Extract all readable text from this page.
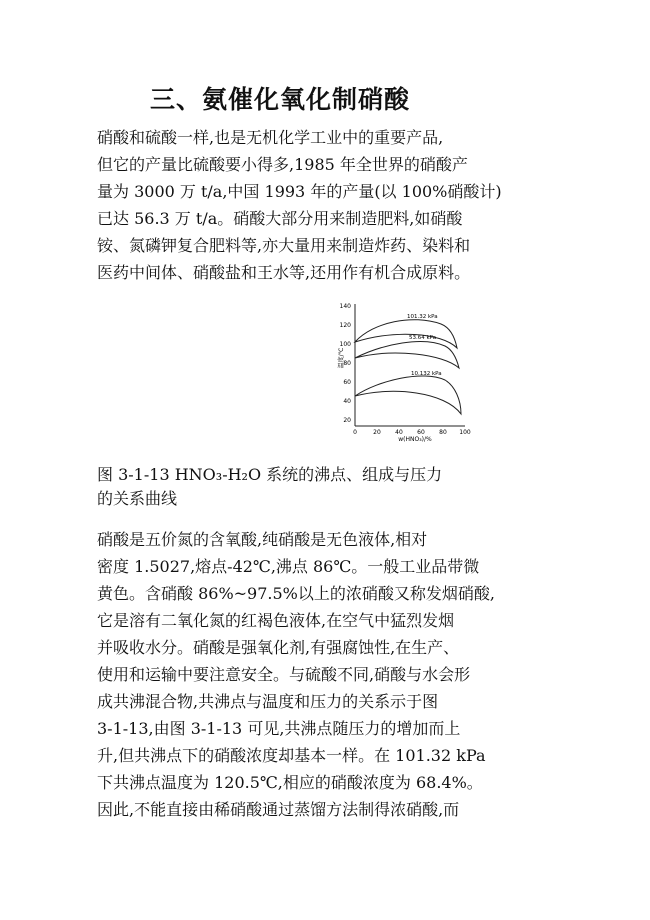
三、氨催化氧化制硝酸
硝酸和硫酸一样,也是无机化学工业中的重要产品,
但它的产量比硫酸要小得多,1985 年全世界的硝酸产
量为 3000 万 t/a,中国 1993 年的产量(以 100%硝酸计)
已达 56.3 万 t/a。硝酸大部分用来制造肥料,如硝酸
铵、氮磷钾复合肥料等,亦大量用来制造炸药、染料和
医药中间体、硝酸盐和王水等,还用作有机合成原料。
140
120
100
80
60
40
20
0	20 40 60 80 100
温度/℃
w(HNO₃)/%
101.32 kPa
53.64 kPa
10.132 kPa
图 3-1-13 HNO₃-H₂O 系统的沸点、组成与压力
的关系曲线
硝酸是五价氮的含氧酸,纯硝酸是无色液体,相对
密度 1.5027,熔点-42℃,沸点 86℃。一般工业品带微
黄色。含硝酸 86%~97.5%以上的浓硝酸又称发烟硝酸,
它是溶有二氧化氮的红褐色液体,在空气中猛烈发烟
并吸收水分。硝酸是强氧化剂,有强腐蚀性,在生产、
使用和运输中要注意安全。与硫酸不同,硝酸与水会形
成共沸混合物,共沸点与温度和压力的关系示于图
3-1-13,由图 3-1-13 可见,共沸点随压力的增加而上
升,但共沸点下的硝酸浓度却基本一样。在 101.32 kPa
下共沸点温度为 120.5℃,相应的硝酸浓度为 68.4%。
因此,不能直接由稀硝酸通过蒸馏方法制得浓硝酸,而
